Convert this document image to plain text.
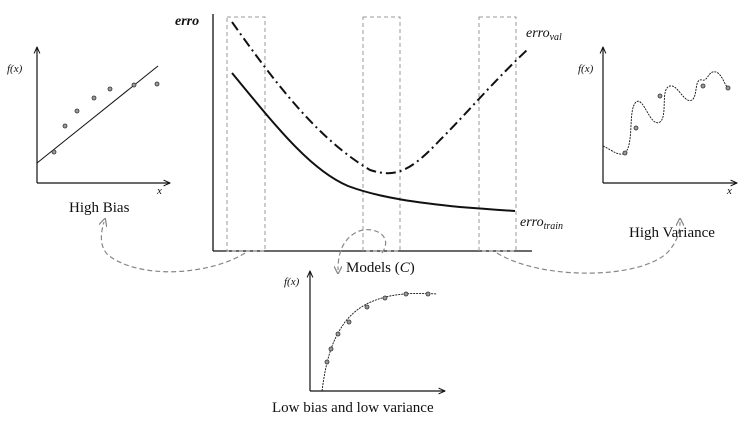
erro
erro$_{val}$
erro$_{train}$
Models (C)
f(x)
x
High Bias
f(x)
x
High Variance
f(x)
Low bias and low variance
